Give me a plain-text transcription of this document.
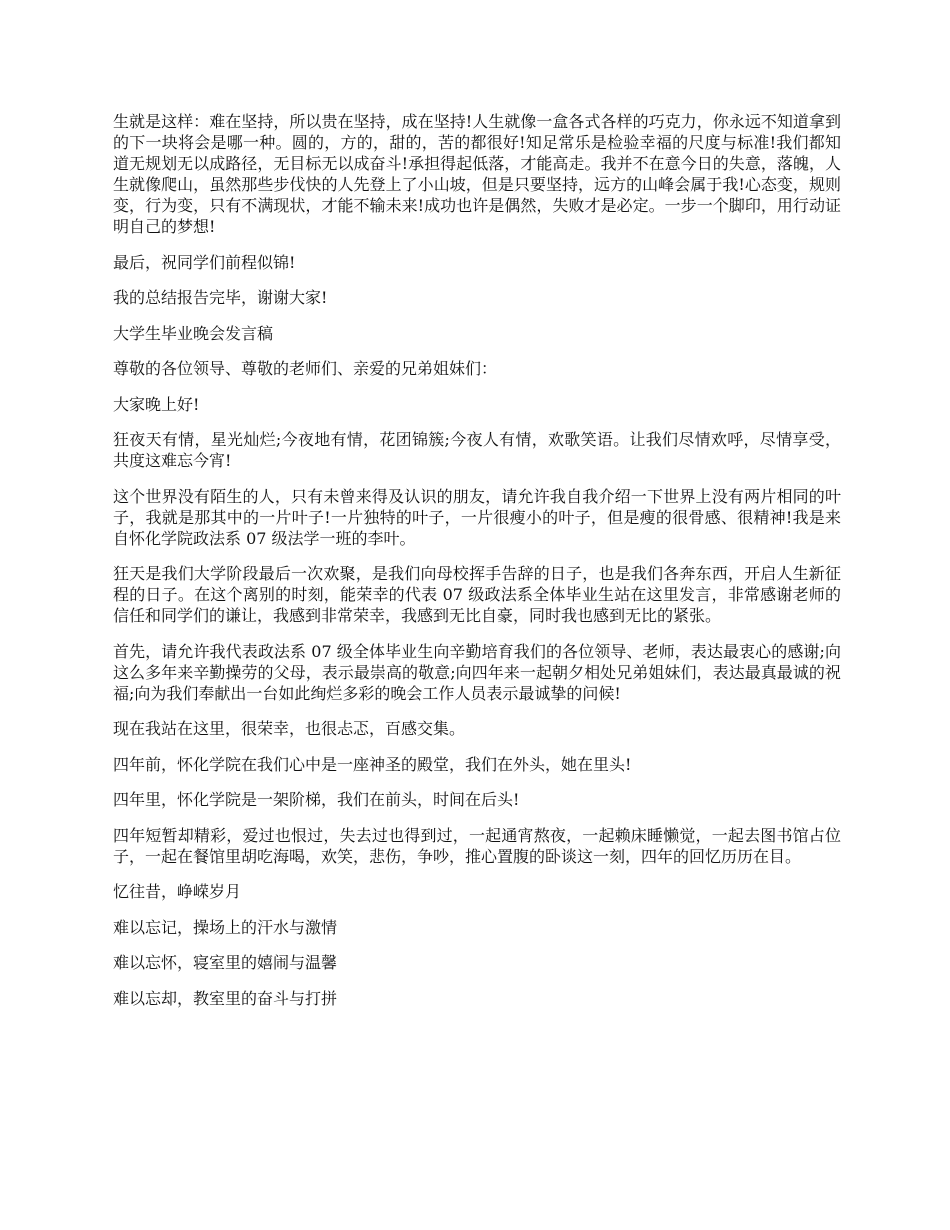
生就是这样：难在坚持，所以贵在坚持，成在坚持!人生就像一盒各式各样的巧克力，你永远不知道拿到的下一块将会是哪一种。圆的，方的，甜的，苦的都很好!知足常乐是检验幸福的尺度与标准!我们都知道无规划无以成路径，无目标无以成奋斗!承担得起低落，才能高走。我并不在意今日的失意，落魄，人生就像爬山，虽然那些步伐快的人先登上了小山坡，但是只要坚持，远方的山峰会属于我!心态变，规则变，行为变，只有不满现状，才能不输未来!成功也许是偶然，失败才是必定。一步一个脚印，用行动证明自己的梦想!

最后，祝同学们前程似锦!

我的总结报告完毕，谢谢大家!

大学生毕业晚会发言稿

尊敬的各位领导、尊敬的老师们、亲爱的兄弟姐妹们：

大家晚上好!

狂夜天有情，星光灿烂;今夜地有情，花团锦簇;今夜人有情，欢歌笑语。让我们尽情欢呼，尽情享受，共度这难忘今宵!

这个世界没有陌生的人，只有未曾来得及认识的朋友，请允许我自我介绍一下世界上没有两片相同的叶子，我就是那其中的一片叶子!一片独特的叶子，一片很瘦小的叶子，但是瘦的很骨感、很精神!我是来自怀化学院政法系 07 级法学一班的李叶。

狂天是我们大学阶段最后一次欢聚，是我们向母校挥手告辞的日子，也是我们各奔东西，开启人生新征程的日子。在这个离别的时刻，能荣幸的代表 07 级政法系全体毕业生站在这里发言，非常感谢老师的信任和同学们的谦让，我感到非常荣幸，我感到无比自豪，同时我也感到无比的紧张。

首先，请允许我代表政法系 07 级全体毕业生向辛勤培育我们的各位领导、老师，表达最衷心的感谢;向这么多年来辛勤操劳的父母，表示最崇高的敬意;向四年来一起朝夕相处兄弟姐妹们，表达最真最诚的祝福;向为我们奉献出一台如此绚烂多彩的晚会工作人员表示最诚挚的问候!

现在我站在这里，很荣幸，也很忐忑，百感交集。

四年前，怀化学院在我们心中是一座神圣的殿堂，我们在外头，她在里头!

四年里，怀化学院是一架阶梯，我们在前头，时间在后头!

四年短暂却精彩，爱过也恨过，失去过也得到过，一起通宵熬夜，一起赖床睡懒觉，一起去图书馆占位子，一起在餐馆里胡吃海喝，欢笑，悲伤，争吵，推心置腹的卧谈这一刻，四年的回忆历历在目。

忆往昔，峥嵘岁月

难以忘记，操场上的汗水与激情

难以忘怀，寝室里的嬉闹与温馨

难以忘却，教室里的奋斗与打拼
